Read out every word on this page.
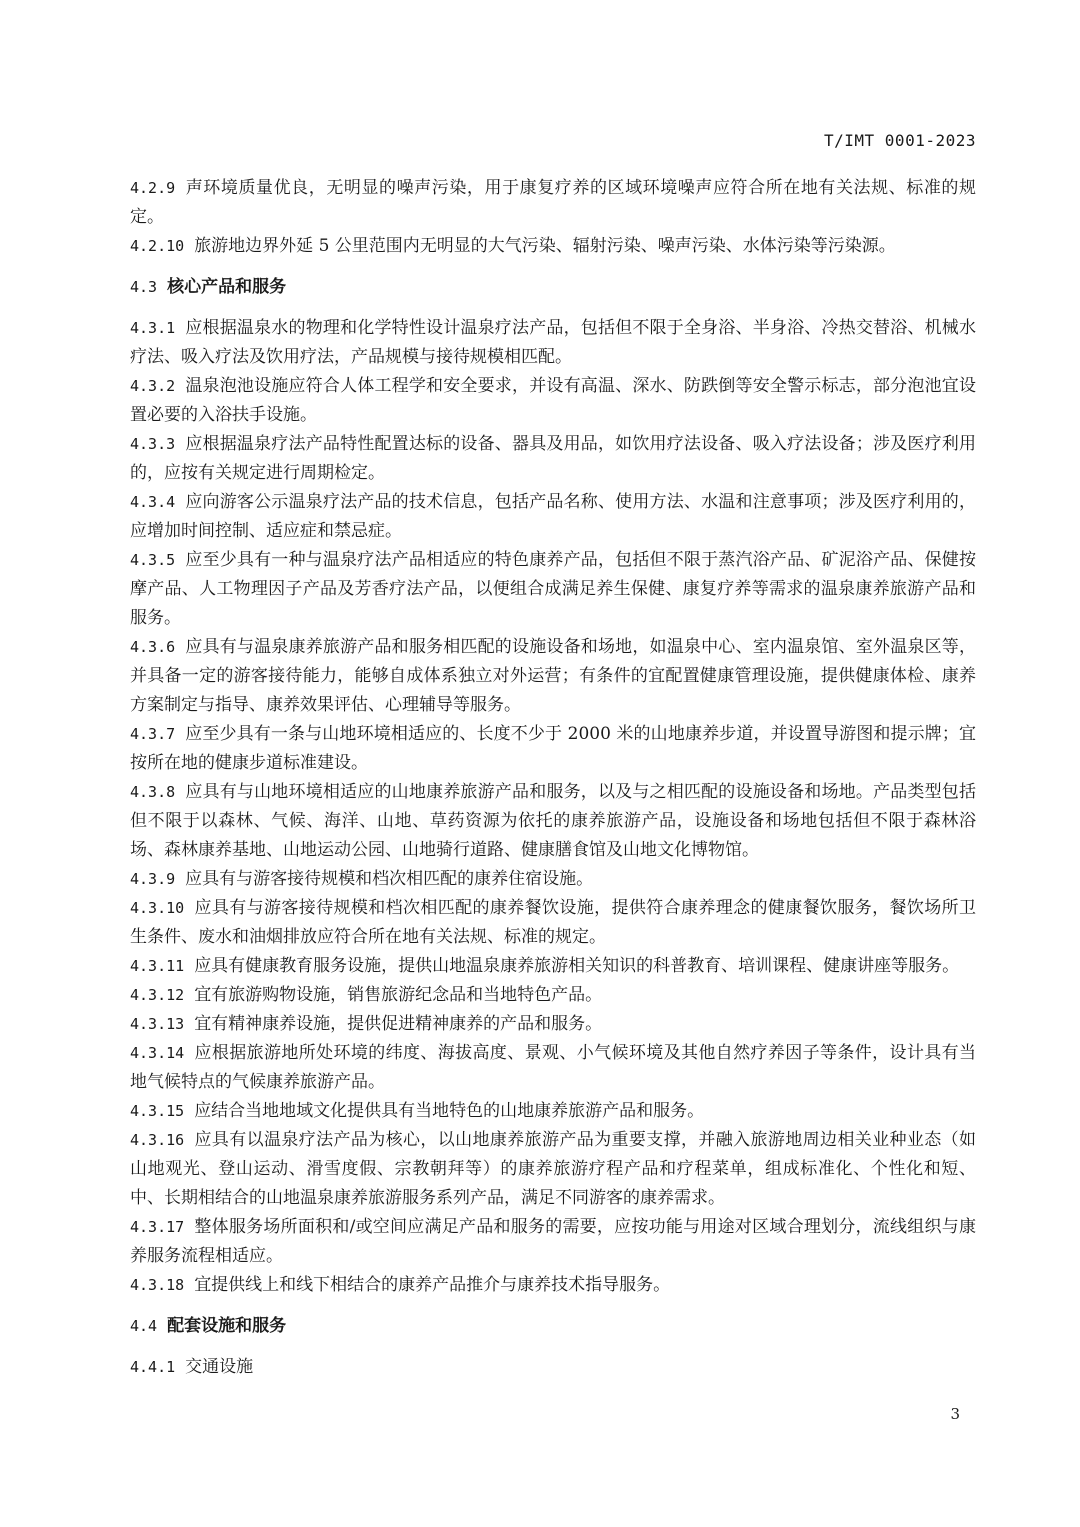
T/IMT 0001-2023

4.2.9 声环境质量优良，无明显的噪声污染，用于康复疗养的区域环境噪声应符合所在地有关法规、标准的规定。

4.2.10 旅游地边界外延 5 公里范围内无明显的大气污染、辐射污染、噪声污染、水体污染等污染源。

4.3 核心产品和服务

4.3.1 应根据温泉水的物理和化学特性设计温泉疗法产品，包括但不限于全身浴、半身浴、冷热交替浴、机械水疗法、吸入疗法及饮用疗法，产品规模与接待规模相匹配。

4.3.2 温泉泡池设施应符合人体工程学和安全要求，并设有高温、深水、防跌倒等安全警示标志，部分泡池宜设置必要的入浴扶手设施。

4.3.3 应根据温泉疗法产品特性配置达标的设备、器具及用品，如饮用疗法设备、吸入疗法设备；涉及医疗利用的，应按有关规定进行周期检定。

4.3.4 应向游客公示温泉疗法产品的技术信息，包括产品名称、使用方法、水温和注意事项；涉及医疗利用的，应增加时间控制、适应症和禁忌症。

4.3.5 应至少具有一种与温泉疗法产品相适应的特色康养产品，包括但不限于蒸汽浴产品、矿泥浴产品、保健按摩产品、人工物理因子产品及芳香疗法产品，以便组合成满足养生保健、康复疗养等需求的温泉康养旅游产品和服务。

4.3.6 应具有与温泉康养旅游产品和服务相匹配的设施设备和场地，如温泉中心、室内温泉馆、室外温泉区等，并具备一定的游客接待能力，能够自成体系独立对外运营；有条件的宜配置健康管理设施，提供健康体检、康养方案制定与指导、康养效果评估、心理辅导等服务。

4.3.7 应至少具有一条与山地环境相适应的、长度不少于 2000 米的山地康养步道，并设置导游图和提示牌；宜按所在地的健康步道标准建设。

4.3.8 应具有与山地环境相适应的山地康养旅游产品和服务，以及与之相匹配的设施设备和场地。产品类型包括但不限于以森林、气候、海洋、山地、草药资源为依托的康养旅游产品，设施设备和场地包括但不限于森林浴场、森林康养基地、山地运动公园、山地骑行道路、健康膳食馆及山地文化博物馆。

4.3.9 应具有与游客接待规模和档次相匹配的康养住宿设施。

4.3.10 应具有与游客接待规模和档次相匹配的康养餐饮设施，提供符合康养理念的健康餐饮服务，餐饮场所卫生条件、废水和油烟排放应符合所在地有关法规、标准的规定。

4.3.11 应具有健康教育服务设施，提供山地温泉康养旅游相关知识的科普教育、培训课程、健康讲座等服务。

4.3.12 宜有旅游购物设施，销售旅游纪念品和当地特色产品。

4.3.13 宜有精神康养设施，提供促进精神康养的产品和服务。

4.3.14 应根据旅游地所处环境的纬度、海拔高度、景观、小气候环境及其他自然疗养因子等条件，设计具有当地气候特点的气候康养旅游产品。

4.3.15 应结合当地地域文化提供具有当地特色的山地康养旅游产品和服务。

4.3.16 应具有以温泉疗法产品为核心，以山地康养旅游产品为重要支撑，并融入旅游地周边相关业种业态（如山地观光、登山运动、滑雪度假、宗教朝拜等）的康养旅游疗程产品和疗程菜单，组成标准化、个性化和短、中、长期相结合的山地温泉康养旅游服务系列产品，满足不同游客的康养需求。

4.3.17 整体服务场所面积和/或空间应满足产品和服务的需要，应按功能与用途对区域合理划分，流线组织与康养服务流程相适应。

4.3.18 宜提供线上和线下相结合的康养产品推介与康养技术指导服务。

4.4 配套设施和服务

4.4.1 交通设施

3
